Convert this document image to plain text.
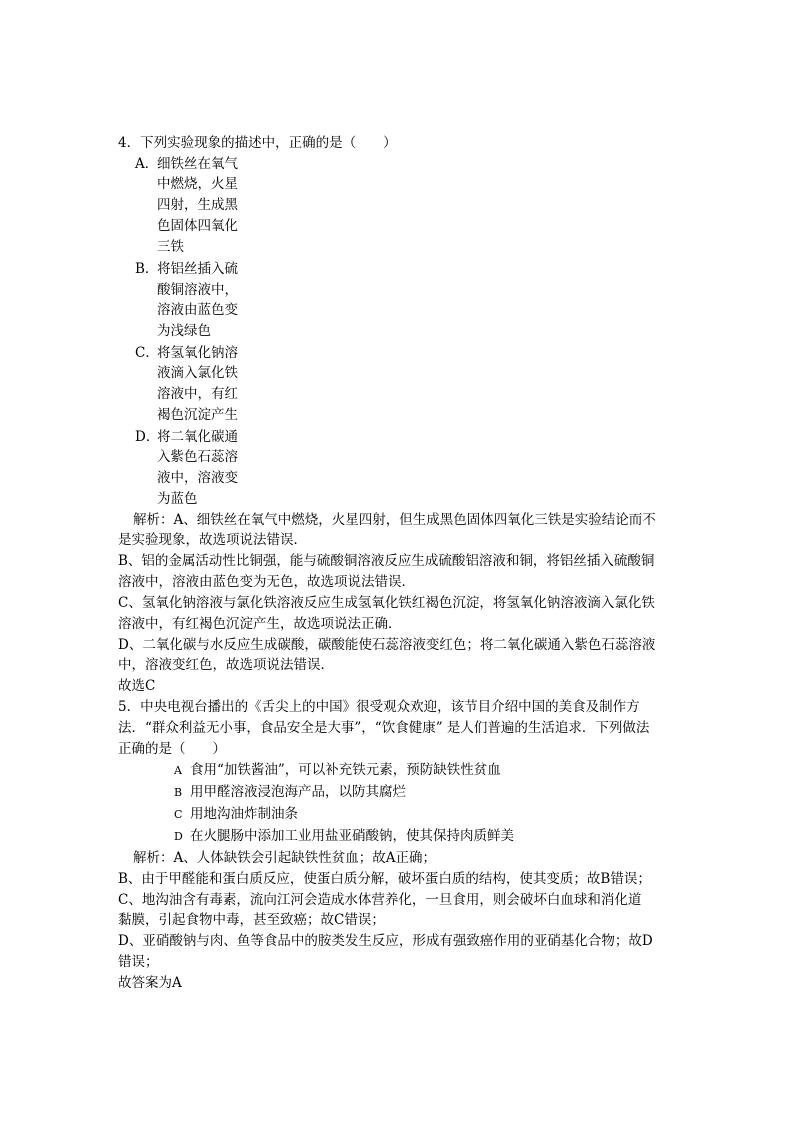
4．下列实验现象的描述中，正确的是（　　）
A．
细铁丝在氧气
中燃烧，火星
四射，生成黑
色固体四氧化
三铁
B．
将铝丝插入硫
酸铜溶液中，
溶液由蓝色变
为浅绿色
C．
将氢氧化钠溶
液滴入氯化铁
溶液中，有红
褐色沉淀产生
D．
将二氧化碳通
入紫色石蕊溶
液中，溶液变
为蓝色
解析：A、细铁丝在氧气中燃烧，火星四射，但生成黑色固体四氧化三铁是实验结论而不
是实验现象，故选项说法错误．
B、铝的金属活动性比铜强，能与硫酸铜溶液反应生成硫酸铝溶液和铜，将铝丝插入硫酸铜
溶液中，溶液由蓝色变为无色，故选项说法错误．
C、氢氧化钠溶液与氯化铁溶液反应生成氢氧化铁红褐色沉淀，将氢氧化钠溶液滴入氯化铁
溶液中，有红褐色沉淀产生，故选项说法正确．
D、二氧化碳与水反应生成碳酸，碳酸能使石蕊溶液变红色；将二氧化碳通入紫色石蕊溶液
中，溶液变红色，故选项说法错误．
故选C
5．中央电视台播出的《舌尖上的中国》很受观众欢迎，该节目介绍中国的美食及制作方
法．“群众利益无小事，食品安全是大事”，“饮食健康” 是人们普遍的生活追求．下列做法
正确的是（　　）
A 食用“加铁酱油”，可以补充铁元素，预防缺铁性贫血
B 用甲醛溶液浸泡海产品，以防其腐烂
C 用地沟油炸制油条
D 在火腿肠中添加工业用盐亚硝酸钠，使其保持肉质鲜美
解析：A、人体缺铁会引起缺铁性贫血；故A正确；
B、由于甲醛能和蛋白质反应，使蛋白质分解，破坏蛋白质的结构，使其变质；故B错误；
C、地沟油含有毒素，流向江河会造成水体营养化，一旦食用，则会破坏白血球和消化道
黏膜，引起食物中毒，甚至致癌；故C错误；
D、亚硝酸钠与肉、鱼等食品中的胺类发生反应，形成有强致癌作用的亚硝基化合物；故D
错误；
故答案为A
